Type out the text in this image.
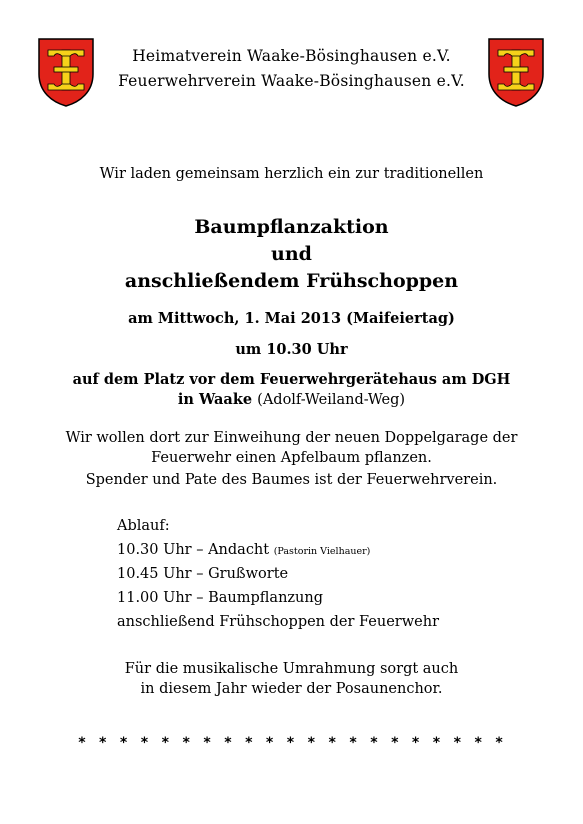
Heimatverein Waake-Bösinghausen e.V.
Feuerwehrverein Waake-Bösinghausen e.V.
Wir laden gemeinsam herzlich ein zur traditionellen
Baumpflanzaktion
und
anschließendem Frühschoppen
am Mittwoch, 1. Mai 2013 (Maifeiertag)
um 10.30 Uhr
auf dem Platz vor dem Feuerwehrgerätehaus am DGH
in Waake (Adolf-Weiland-Weg)
Wir wollen dort zur Einweihung der neuen Doppelgarage der
Feuerwehr einen Apfelbaum pflanzen.
Spender und Pate des Baumes ist der Feuerwehrverein.
Ablauf:
10.30 Uhr – Andacht (Pastorin Vielhauer)
10.45 Uhr – Grußworte
11.00 Uhr – Baumpflanzung
anschließend Frühschoppen der Feuerwehr
Für die musikalische Umrahmung sorgt auch
in diesem Jahr wieder der Posaunenchor.
* * * * * * * * * * * * * * * * * * * * *
